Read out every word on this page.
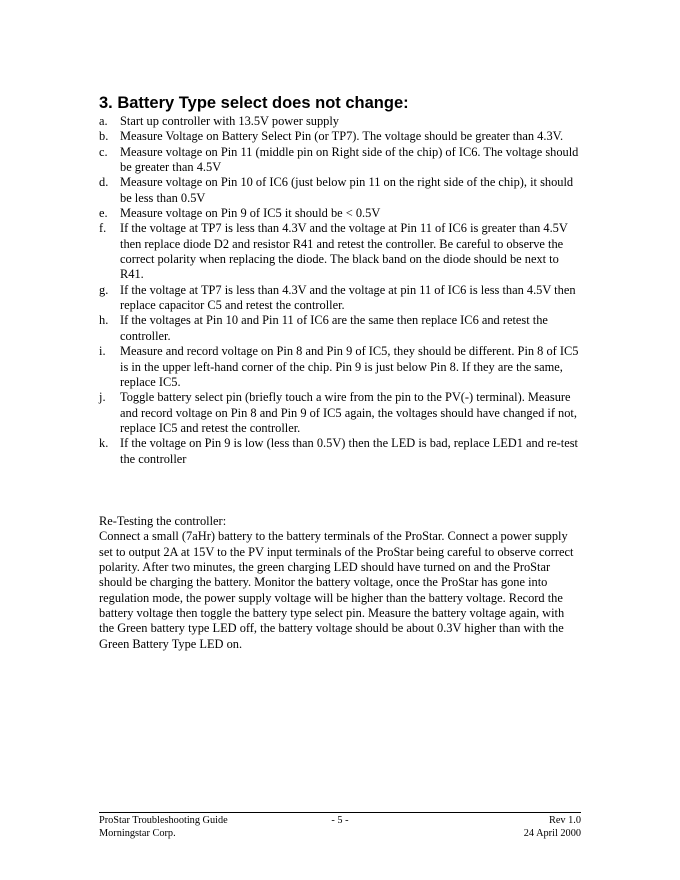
3. Battery Type select does not change:
a. Start up controller with 13.5V power supply
b. Measure Voltage on Battery Select Pin (or TP7). The voltage should be greater than 4.3V.
c. Measure voltage on Pin 11 (middle pin on Right side of the chip) of IC6. The voltage should be greater than 4.5V
d. Measure voltage on Pin 10 of IC6 (just below pin 11 on the right side of the chip), it should be less than 0.5V
e. Measure voltage on Pin 9 of IC5 it should be < 0.5V
f. If the voltage at TP7 is less than 4.3V and the voltage at Pin 11 of IC6 is greater than 4.5V then replace diode D2 and resistor R41 and retest the controller. Be careful to observe the correct polarity when replacing the diode. The black band on the diode should be next to R41.
g. If the voltage at TP7 is less than 4.3V and the voltage at pin 11 of IC6 is less than 4.5V then replace capacitor C5 and retest the controller.
h. If the voltages at Pin 10 and Pin 11 of IC6 are the same then replace IC6 and retest the controller.
i. Measure and record voltage on Pin 8 and Pin 9 of IC5, they should be different. Pin 8 of IC5 is in the upper left-hand corner of the chip. Pin 9 is just below Pin 8. If they are the same, replace IC5.
j. Toggle battery select pin (briefly touch a wire from the pin to the PV(-) terminal). Measure and record voltage on Pin 8 and Pin 9 of IC5 again, the voltages should have changed if not, replace IC5 and retest the controller.
k. If the voltage on Pin 9 is low (less than 0.5V) then the LED is bad, replace LED1 and re-test the controller

Re-Testing the controller:

Connect a small (7aHr) battery to the battery terminals of the ProStar. Connect a power supply set to output 2A at 15V to the PV input terminals of the ProStar being careful to observe correct polarity. After two minutes, the green charging LED should have turned on and the ProStar should be charging the battery. Monitor the battery voltage, once the ProStar has gone into regulation mode, the power supply voltage will be higher than the battery voltage. Record the battery voltage then toggle the battery type select pin. Measure the battery voltage again, with the Green battery type LED off, the battery voltage should be about 0.3V higher than with the Green Battery Type LED on.

- 5 -
ProStar Troubleshooting Guide	Rev 1.0
Morningstar Corp.	24 April 2000
